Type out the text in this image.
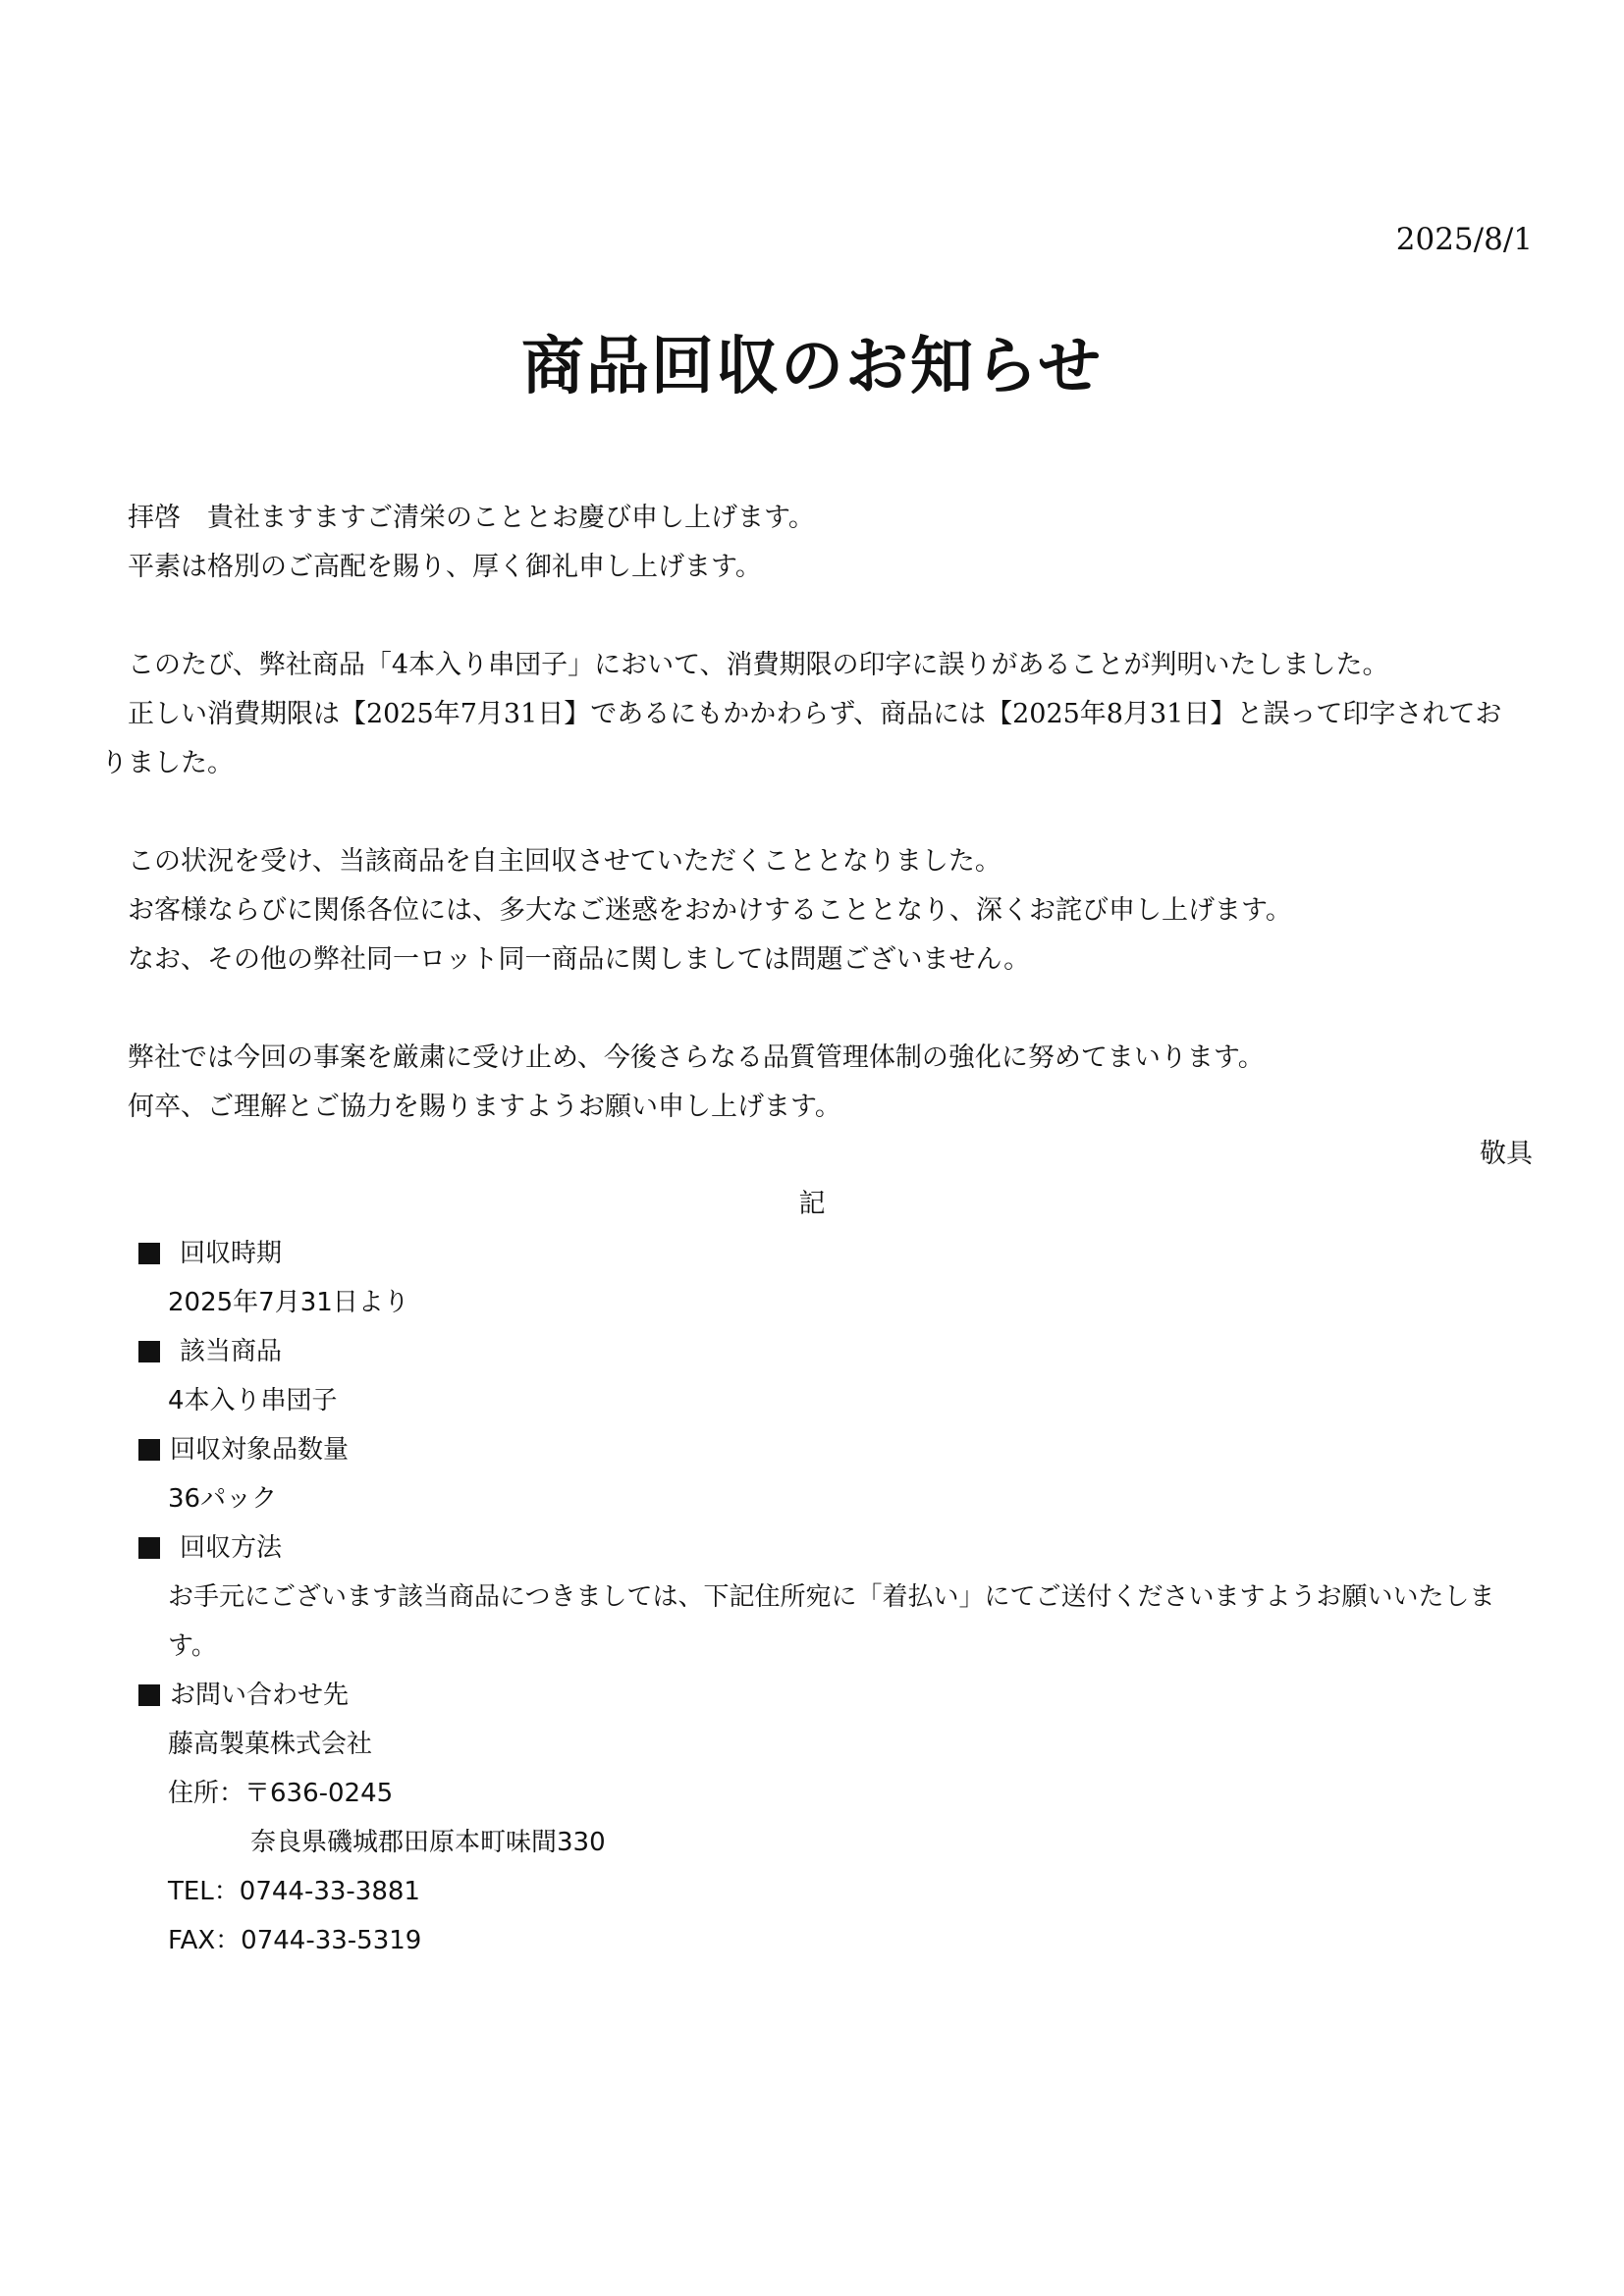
2025/8/1
商品回収のお知らせ

拝啓　貴社ますますご清栄のこととお慶び申し上げます。

平素は格別のご高配を賜り、厚く御礼申し上げます。

このたび、弊社商品「4本入り串団子」において、消費期限の印字に誤りがあることが判明いたしました。

正しい消費期限は【2025年7月31日】であるにもかかわらず、商品には【2025年8月31日】と誤って印字されておりました。

この状況を受け、当該商品を自主回収させていただくこととなりました。

お客様ならびに関係各位には、多大なご迷惑をおかけすることとなり、深くお詫び申し上げます。

なお、その他の弊社同一ロット同一商品に関しましては問題ございません。

弊社では今回の事案を厳粛に受け止め、今後さらなる品質管理体制の強化に努めてまいります。

何卒、ご理解とご協力を賜りますようお願い申し上げます。

敬具
記
回収時期
2025年7月31日より
該当商品
4本入り串団子
回収対象品数量
36パック
回収方法
お手元にございます該当商品につきましては、下記住所宛に「着払い」にてご送付くださいますようお願いいたします。
お問い合わせ先
藤高製菓株式会社
住所：〒636-0245
奈良県磯城郡田原本町味間330
TEL：0744-33-3881
FAX：0744-33-5319
